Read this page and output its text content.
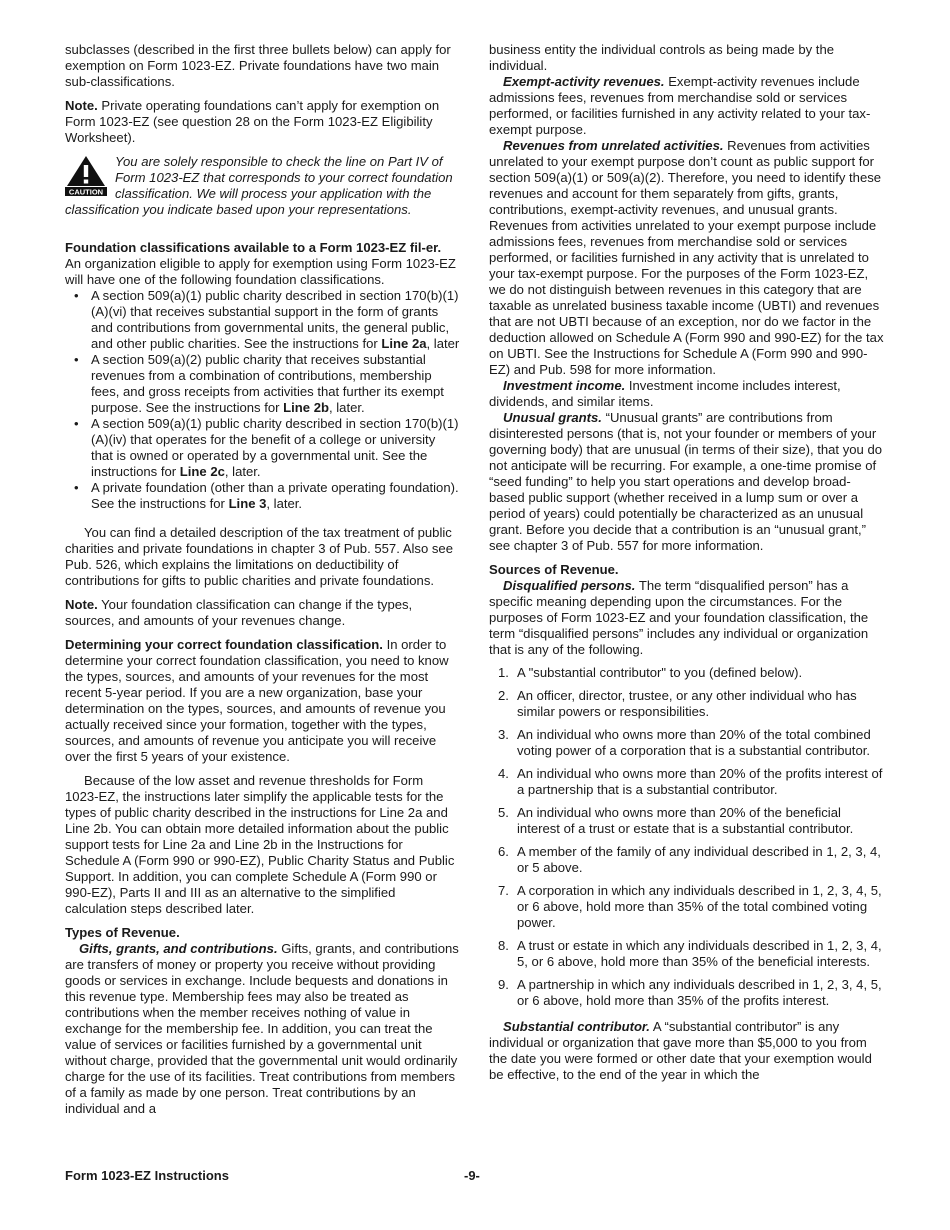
subclasses (described in the first three bullets below) can apply for exemption on Form 1023-EZ. Private foundations have two main sub-classifications.

Note. Private operating foundations can’t apply for exemption on Form 1023-EZ (see question 28 on the Form 1023-EZ Eligibility Worksheet).

CAUTION

You are solely responsible to check the line on Part IV of Form 1023-EZ that corresponds to your correct foundation classification. We will process your application with the classification you indicate based upon your representations.

Foundation classifications available to a Form 1023-EZ fil-er. An organization eligible to apply for exemption using Form 1023-EZ will have one of the following foundation classifications.

• A section 509(a)(1) public charity described in section 170(b)(1)(A)(vi) that receives substantial support in the form of grants and contributions from governmental units, the general public, and other public charities. See the instructions for Line 2a, later
• A section 509(a)(2) public charity that receives substantial revenues from a combination of contributions, membership fees, and gross receipts from activities that further its exempt purpose. See the instructions for Line 2b, later.
• A section 509(a)(1) public charity described in section 170(b)(1)(A)(iv) that operates for the benefit of a college or university that is owned or operated by a governmental unit. See the instructions for Line 2c, later.
• A private foundation (other than a private operating foundation). See the instructions for Line 3, later.

You can find a detailed description of the tax treatment of public charities and private foundations in chapter 3 of Pub. 557. Also see Pub. 526, which explains the limitations on deductibility of contributions for gifts to public charities and private foundations.

Note. Your foundation classification can change if the types, sources, and amounts of your revenues change.

Determining your correct foundation classification. In order to determine your correct foundation classification, you need to know the types, sources, and amounts of your revenues for the most recent 5-year period. If you are a new organization, base your determination on the types, sources, and amounts of revenue you actually received since your formation, together with the types, sources, and amounts of revenue you anticipate you will receive over the first 5 years of your existence.

Because of the low asset and revenue thresholds for Form 1023-EZ, the instructions later simplify the applicable tests for the types of public charity described in the instructions for Line 2a and Line 2b. You can obtain more detailed information about the public support tests for Line 2a and Line 2b in the Instructions for Schedule A (Form 990 or 990-EZ), Public Charity Status and Public Support. In addition, you can complete Schedule A (Form 990 or 990-EZ), Parts II and III as an alternative to the simplified calculation steps described later.

Types of Revenue.

Gifts, grants, and contributions. Gifts, grants, and contributions are transfers of money or property you receive without providing goods or services in exchange. Include bequests and donations in this revenue type. Membership fees may also be treated as contributions when the member receives nothing of value in exchange for the membership fee. In addition, you can treat the value of services or facilities furnished by a governmental unit without charge, provided that the governmental unit would ordinarily charge for the use of its facilities. Treat contributions from members of a family as made by one person. Treat contributions by an individual and a

business entity the individual controls as being made by the individual.

Exempt-activity revenues. Exempt-activity revenues include admissions fees, revenues from merchandise sold or services performed, or facilities furnished in any activity related to your tax-exempt purpose.

Revenues from unrelated activities. Revenues from activities unrelated to your exempt purpose don’t count as public support for section 509(a)(1) or 509(a)(2). Therefore, you need to identify these revenues and account for them separately from gifts, grants, contributions, exempt-activity revenues, and unusual grants. Revenues from activities unrelated to your exempt purpose include admissions fees, revenues from merchandise sold or services performed, or facilities furnished in any activity that is unrelated to your tax-exempt purpose. For the purposes of the Form 1023-EZ, we do not distinguish between revenues in this category that are taxable as unrelated business taxable income (UBTI) and revenues that are not UBTI because of an exception, nor do we factor in the deduction allowed on Schedule A (Form 990 and 990-EZ) for the tax on UBTI. See the Instructions for Schedule A (Form 990 and 990-EZ) and Pub. 598 for more information.

Investment income. Investment income includes interest, dividends, and similar items.

Unusual grants. “Unusual grants” are contributions from disinterested persons (that is, not your founder or members of your governing body) that are unusual (in terms of their size), that you do not anticipate will be recurring. For example, a one-time promise of “seed funding” to help you start operations and develop broad-based public support (whether received in a lump sum or over a period of years) could potentially be characterized as an unusual grant. Before you decide that a contribution is an “unusual grant,” see chapter 3 of Pub. 557 for more information.

Sources of Revenue.

Disqualified persons. The term “disqualified person” has a specific meaning depending upon the circumstances. For the purposes of Form 1023-EZ and your foundation classification, the term “disqualified persons” includes any individual or organization that is any of the following.

1. A "substantial contributor" to you (defined below).
2. An officer, director, trustee, or any other individual who has similar powers or responsibilities.
3. An individual who owns more than 20% of the total combined voting power of a corporation that is a substantial contributor.
4. An individual who owns more than 20% of the profits interest of a partnership that is a substantial contributor.
5. An individual who owns more than 20% of the beneficial interest of a trust or estate that is a substantial contributor.
6. A member of the family of any individual described in 1, 2, 3, 4, or 5 above.
7. A corporation in which any individuals described in 1, 2, 3, 4, 5, or 6 above, hold more than 35% of the total combined voting power.
8. A trust or estate in which any individuals described in 1, 2, 3, 4, 5, or 6 above, hold more than 35% of the beneficial interests.
9. A partnership in which any individuals described in 1, 2, 3, 4, 5, or 6 above, hold more than 35% of the profits interest.

Substantial contributor. A “substantial contributor” is any individual or organization that gave more than $5,000 to you from the date you were formed or other date that your exemption would be effective, to the end of the year in which the

Form 1023-EZ Instructions	-9-
